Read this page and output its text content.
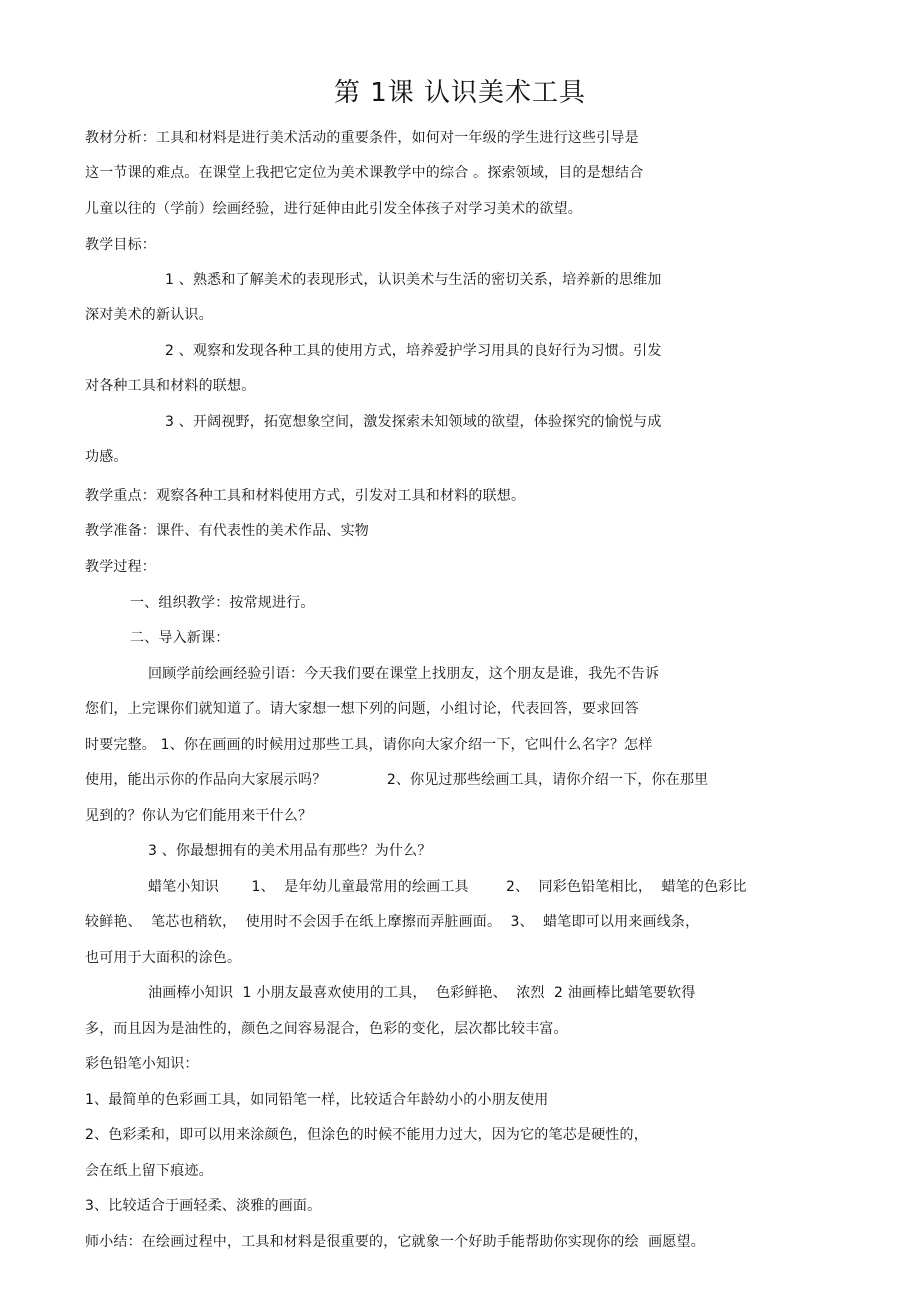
第 1课 认识美术工具
教材分析：工具和材料是进行美术活动的重要条件，如何对一年级的学生进行这些引导是
这一节课的难点。在课堂上我把它定位为美术课教学中的综合 。探索领域，目的是想结合
儿童以往的（学前）绘画经验，进行延伸由此引发全体孩子对学习美术的欲望。
教学目标：
1 、熟悉和了解美术的表现形式，认识美术与生活的密切关系，培养新的思维加
深对美术的新认识。
2 、观察和发现各种工具的使用方式，培养爱护学习用具的良好行为习惯。引发
对各种工具和材料的联想。
3 、开阔视野，拓宽想象空间，激发探索未知领域的欲望，体验探究的愉悦与成
功感。
教学重点：观察各种工具和材料使用方式，引发对工具和材料的联想。
教学准备：课件、有代表性的美术作品、实物
教学过程：
一、组织教学：按常规进行。
二、导入新课：
回顾学前绘画经验引语：今天我们要在课堂上找朋友，这个朋友是谁，我先不告诉
您们，上完课你们就知道了。请大家想一想下列的问题，小组讨论，代表回答，要求回答
时要完整。 1、你在画画的时候用过那些工具，请你向大家介绍一下，它叫什么名字？怎样
使用，能出示你的作品向大家展示吗？             2、你见过那些绘画工具，请你介绍一下，你在那里
见到的？你认为它们能用来干什么？
3 、你最想拥有的美术用品有那些？为什么？
蜡笔小知识       1、  是年幼儿童最常用的绘画工具        2、  同彩色铅笔相比，  蜡笔的色彩比
较鲜艳、  笔芯也稍软，  使用时不会因手在纸上摩擦而弄脏画面。  3、  蜡笔即可以用来画线条，
也可用于大面积的涂色。
油画棒小知识  1 小朋友最喜欢使用的工具，  色彩鲜艳、  浓烈  2 油画棒比蜡笔要软得
多，而且因为是油性的，颜色之间容易混合，色彩的变化，层次都比较丰富。
彩色铅笔小知识：
1、最简单的色彩画工具，如同铅笔一样，比较适合年龄幼小的小朋友使用
2、色彩柔和，即可以用来涂颜色，但涂色的时候不能用力过大，因为它的笔芯是硬性的，
会在纸上留下痕迹。
3、比较适合于画轻柔、淡雅的画面。
师小结：在绘画过程中，工具和材料是很重要的，它就象一个好助手能帮助你实现你的绘  画愿望。
